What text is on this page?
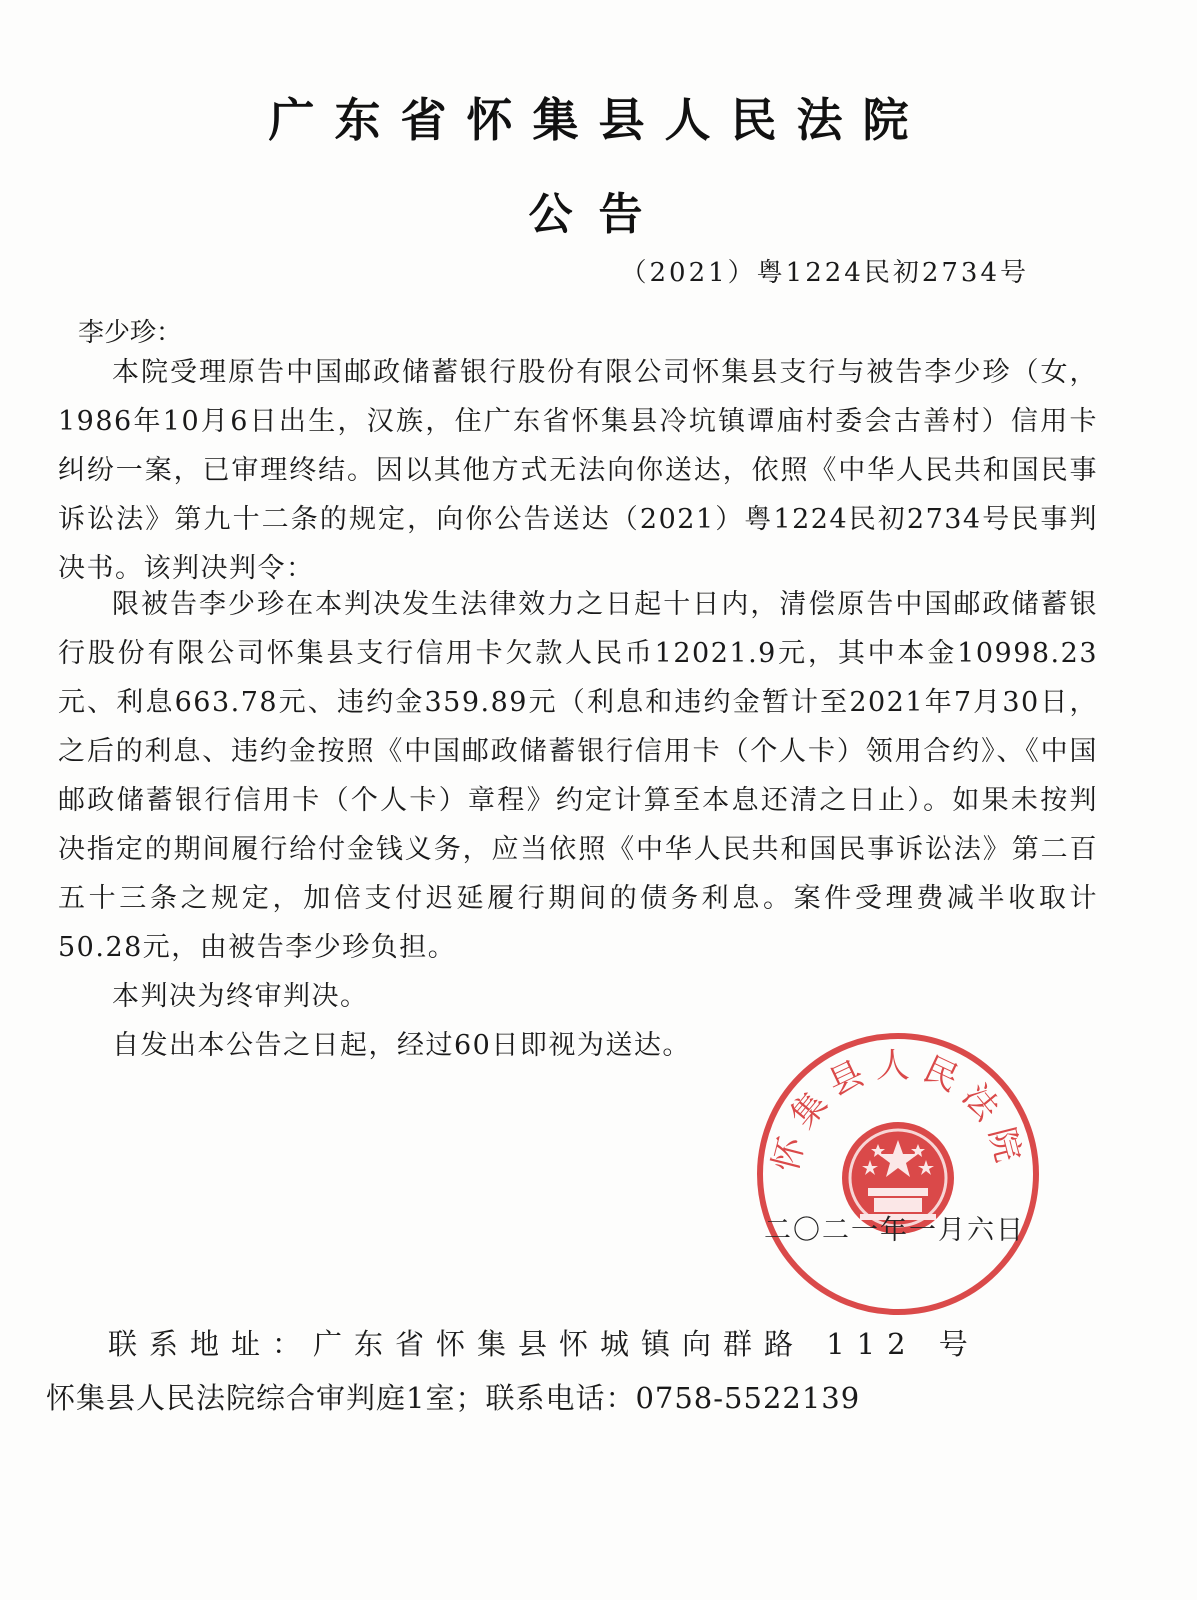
广东省怀集县人民法院
公告
（2021）粤1224民初2734号
李少珍：
本院受理原告中国邮政储蓄银行股份有限公司怀集县支行与被告李少珍（女，1986年10月6日出生，汉族，住广东省怀集县冷坑镇谭庙村委会古善村）信用卡纠纷一案，已审理终结。因以其他方式无法向你送达，依照《中华人民共和国民事诉讼法》第九十二条的规定，向你公告送达（2021）粤1224民初2734号民事判决书。该判决判令：
限被告李少珍在本判决发生法律效力之日起十日内，清偿原告中国邮政储蓄银行股份有限公司怀集县支行信用卡欠款人民币12021.9元，其中本金10998.23元、利息663.78元、违约金359.89元（利息和违约金暂计至2021年7月30日，之后的利息、违约金按照《中国邮政储蓄银行信用卡（个人卡）领用合约》、《中国邮政储蓄银行信用卡（个人卡）章程》约定计算至本息还清之日止）。如果未按判决指定的期间履行给付金钱义务，应当依照《中华人民共和国民事诉讼法》第二百五十三条之规定，加倍支付迟延履行期间的债务利息。案件受理费减半收取计50.28元，由被告李少珍负担。
本判决为终审判决。
自发出本公告之日起，经过60日即视为送达。
怀集县人民法院
二〇二一年一月六日
联系地址：广东省怀集县怀城镇向群路 112 号
怀集县人民法院综合审判庭1室；联系电话：0758-5522139
